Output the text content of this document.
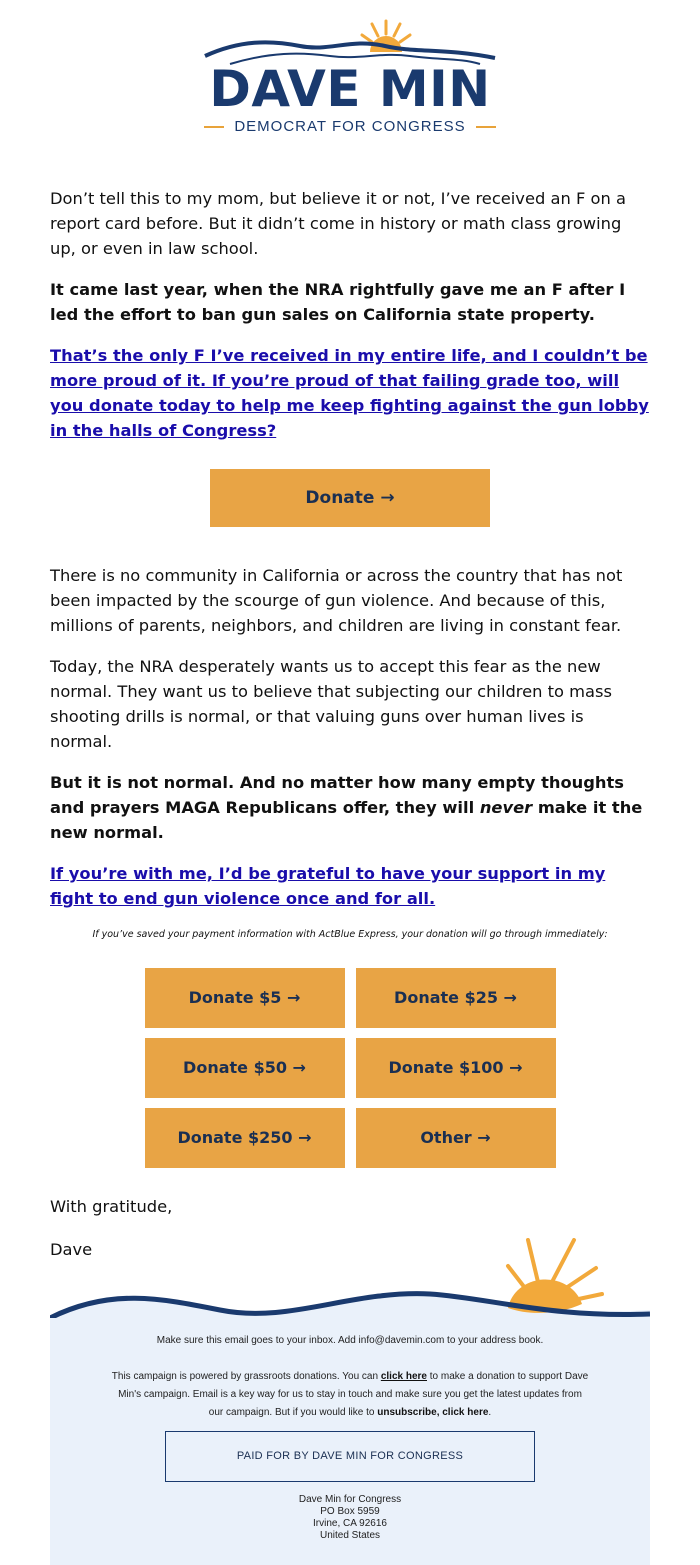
DAVE MIN
DEMOCRAT FOR CONGRESS

Don’t tell this to my mom, but believe it or not, I’ve received an F on a report card before. But it didn’t come in history or math class growing up, or even in law school.

It came last year, when the NRA rightfully gave me an F after I led the effort to ban gun sales on California state property.

That’s the only F I’ve received in my entire life, and I couldn’t be more proud of it. If you’re proud of that failing grade too, will you donate today to help me keep fighting against the gun lobby in the halls of Congress?

Donate →

There is no community in California or across the country that has not been impacted by the scourge of gun violence. And because of this, millions of parents, neighbors, and children are living in constant fear.

Today, the NRA desperately wants us to accept this fear as the new normal. They want us to believe that subjecting our children to mass shooting drills is normal, or that valuing guns over human lives is normal.

But it is not normal. And no matter how many empty thoughts and prayers MAGA Republicans offer, they will never make it the new normal.

If you’re with me, I’d be grateful to have your support in my fight to end gun violence once and for all.

If you’ve saved your payment information with ActBlue Express, your donation will go through immediately:
Donate $5 →	Donate $25 →
Donate $50 →	Donate $100 →
Donate $250 →	Other →

With gratitude,

Dave

Make sure this email goes to your inbox. Add info@davemin.com to your address book.
This campaign is powered by grassroots donations. You can click here to make a donation to support Dave Min's campaign. Email is a key way for us to stay in touch and make sure you get the latest updates from our campaign. But if you would like to unsubscribe, click here.
PAID FOR BY DAVE MIN FOR CONGRESS
Dave Min for Congress
PO Box 5959
Irvine, CA 92616
United States
